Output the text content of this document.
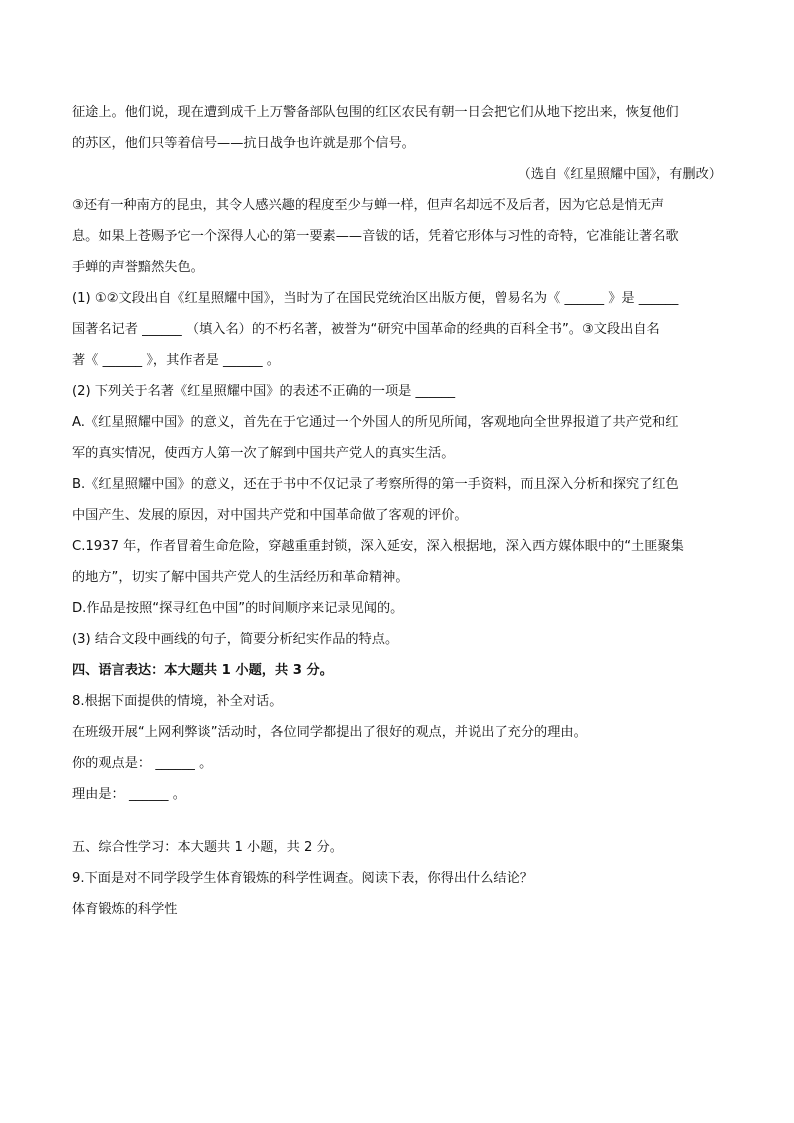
征途上。他们说，现在遭到成千上万警备部队包围的红区农民有朝一日会把它们从地下挖出来，恢复他们

的苏区，他们只等着信号——抗日战争也许就是那个信号。

（选自《红星照耀中国》，有删改）

③还有一种南方的昆虫，其令人感兴趣的程度至少与蝉一样，但声名却远不及后者，因为它总是悄无声

息。如果上苍赐予它一个深得人心的第一要素——音钹的话，凭着它形体与习性的奇特，它准能让著名歌

手蝉的声誉黯然失色。

(1) ①②文段出自《红星照耀中国》，当时为了在国民党统治区出版方便，曾易名为《 ______ 》是 ______

国著名记者 ______ （填入名）的不朽名著，被誉为“研究中国革命的经典的百科全书”。③文段出自名

著《 ______ 》，其作者是 ______ 。

(2) 下列关于名著《红星照耀中国》的表述不正确的一项是 ______

A.《红星照耀中国》的意义，首先在于它通过一个外国人的所见所闻，客观地向全世界报道了共产党和红

军的真实情况，使西方人第一次了解到中国共产党人的真实生活。

B.《红星照耀中国》的意义，还在于书中不仅记录了考察所得的第一手资料，而且深入分析和探究了红色

中国产生、发展的原因，对中国共产党和中国革命做了客观的评价。

C.1937 年，作者冒着生命危险，穿越重重封锁，深入延安，深入根据地，深入西方媒体眼中的“土匪聚集

的地方”，切实了解中国共产党人的生活经历和革命精神。

D.作品是按照“探寻红色中国”的时间顺序来记录见闻的。

(3) 结合文段中画线的句子，简要分析纪实作品的特点。

四、语言表达：本大题共 1 小题，共 3 分。

8.根据下面提供的情境，补全对话。

在班级开展“上网利弊谈”活动时，各位同学都提出了很好的观点，并说出了充分的理由。

你的观点是： ______ 。

理由是： ______ 。

五、综合性学习：本大题共 1 小题，共 2 分。

9.下面是对不同学段学生体育锻炼的科学性调查。阅读下表，你得出什么结论？

体育锻炼的科学性
